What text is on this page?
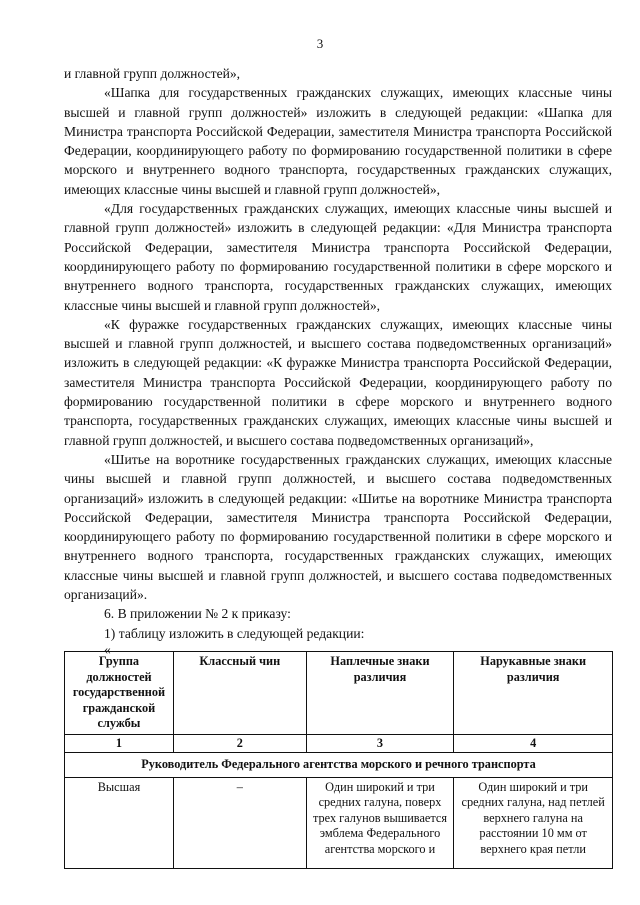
3

и главной групп должностей»,

«Шапка для государственных гражданских служащих, имеющих классные чины высшей и главной групп должностей» изложить в следующей редакции: «Шапка для Министра транспорта Российской Федерации, заместителя Министра транспорта Российской Федерации, координирующего работу по формированию государственной политики в сфере морского и внутреннего водного транспорта, государственных гражданских служащих, имеющих классные чины высшей и главной групп должностей»,

«Для государственных гражданских служащих, имеющих классные чины высшей и главной групп должностей» изложить в следующей редакции: «Для Министра транспорта Российской Федерации, заместителя Министра транспорта Российской Федерации, координирующего работу по формированию государственной политики в сфере морского и внутреннего водного транспорта, государственных гражданских служащих, имеющих классные чины высшей и главной групп должностей»,

«К фуражке государственных гражданских служащих, имеющих классные чины высшей и главной групп должностей, и высшего состава подведомственных организаций» изложить в следующей редакции: «К фуражке Министра транспорта Российской Федерации, заместителя Министра транспорта Российской Федерации, координирующего работу по формированию государственной политики в сфере морского и внутреннего водного транспорта, государственных гражданских служащих, имеющих классные чины высшей и главной групп должностей, и высшего состава подведомственных организаций»,

«Шитье на воротнике государственных гражданских служащих, имеющих классные чины высшей и главной групп должностей, и высшего состава подведомственных организаций» изложить в следующей редакции: «Шитье на воротнике Министра транспорта Российской Федерации, заместителя Министра транспорта Российской Федерации, координирующего работу по формированию государственной политики в сфере морского и внутреннего водного транспорта, государственных гражданских служащих, имеющих классные чины высшей и главной групп должностей, и высшего состава подведомственных организаций».

6. В приложении № 2 к приказу:

1) таблицу изложить в следующей редакции:

«

Группа должностей государственной гражданской службы	Классный чин	Наплечные знаки различия	Нарукавные знаки различия
1	2	3	4
Руководитель Федерального агентства морского и речного транспорта			
Высшая	–	Один широкий и три средних галуна, поверх трех галунов вышивается эмблема Федерального агентства морского и	Один широкий и три средних галуна, над петлей верхнего галуна на расстоянии 10 мм от верхнего края петли
